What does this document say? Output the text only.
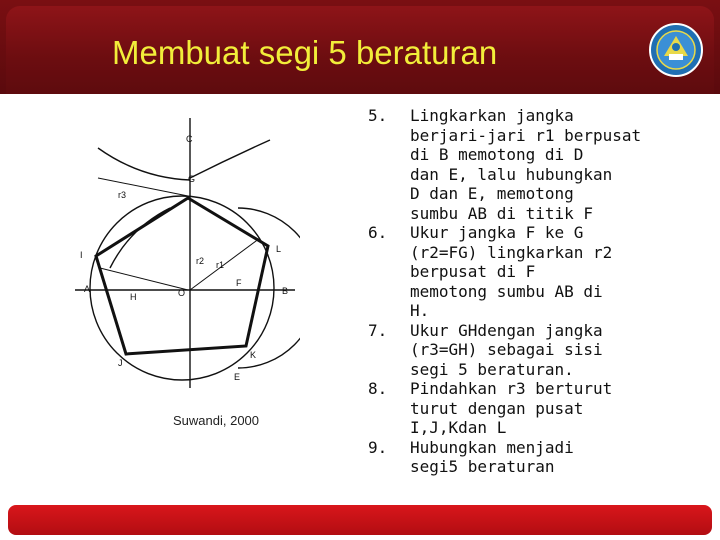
Membuat segi 5 beraturan
C
G
L
r3
I
r1
r2
A
H	O
F
B
J
K
E
Suwandi, 2000
5.	Lingkarkan jangka
berjari-jari r1 berpusat
di B memotong di D
dan E, lalu hubungkan
D dan E, memotong
sumbu AB di titik F
6.	Ukur jangka F ke G
(r2=FG) lingkarkan r2
berpusat di F
memotong sumbu AB di
H.
7.	Ukur GHdengan jangka
(r3=GH) sebagai sisi
segi 5 beraturan.
8.	Pindahkan r3 berturut
turut dengan pusat
I,J,Kdan L
9.	Hubungkan menjadi
segi5 beraturan
